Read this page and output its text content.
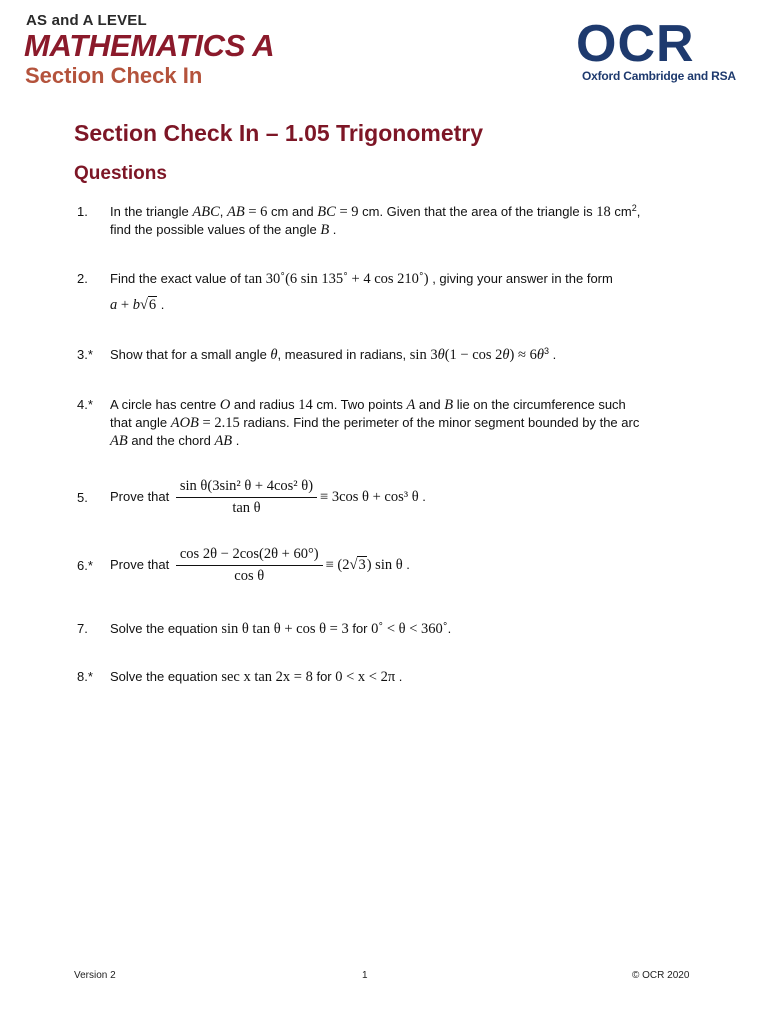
AS and A LEVEL
MATHEMATICS A
Section Check In
OCR
Oxford Cambridge and RSA
Section Check In – 1.05 Trigonometry
Questions
1. In the triangle ABC, AB = 6 cm and BC = 9 cm. Given that the area of the triangle is 18 $cm^2$,
find the possible values of the angle B .
2. Find the exact value of tan 30˚(6 sin 135˚ + 4 cos 210˚) , giving your answer in the form

a + b√6 .
3.* Show that for a small angle θ, measured in radians, $\sin 3\theta(1 - \cos 2\theta) \approx 6\theta^3$ .
4.* A circle has centre O and radius 14 cm. Two points A and B lie on the circumference such
that angle AOB = 2.15 radians. Find the perimeter of the minor segment bounded by the arc
AB and the chord AB .
5. Prove that $\frac{\text{sin θ(3sin² θ + 4cos² θ)}}{\text{tan θ}} \equiv 3\cos$ θ + cos³ θ .
6.* Prove that $\frac{\cos 2\theta - 2\cos(2\theta + 60^\circ)}{\text{cos θ}} \equiv (2√3)$ sin θ .
7. Solve the equation sin θ tan θ + cos θ = 3 for 0˚ < θ < 360˚.
8.* Solve the equation sec x tan 2x = 8 for 0 < x < 2π .
Version 2	1	© OCR 2020
